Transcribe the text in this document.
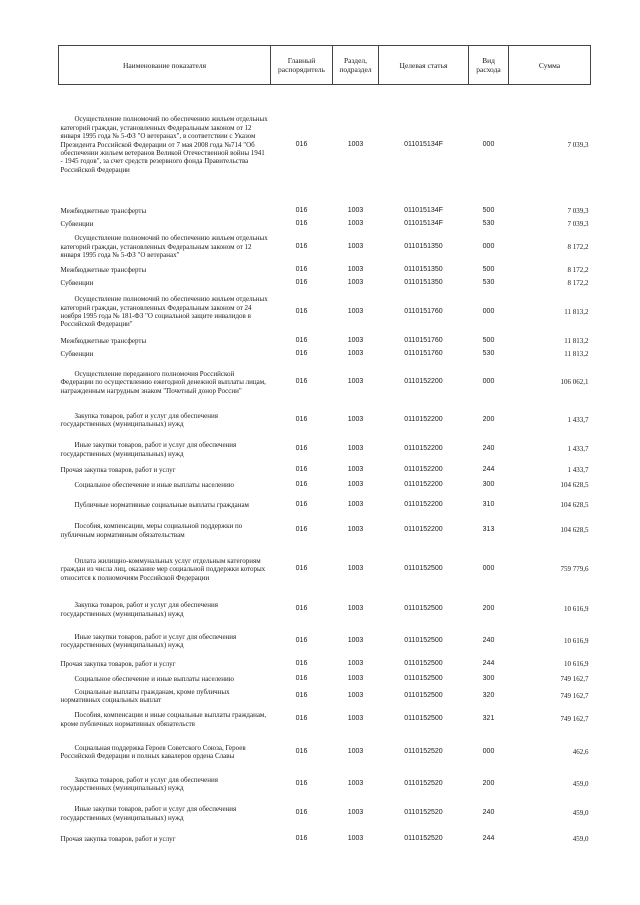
Наименование показателя	Главный распорядитель	Раздел, подраздел	Целевая статья	Вид расхода	Сумма
Осуществление полномочий по обеспечению жильем отдельных категорий граждан, установленных Федеральным законом от 12 января 1995 года № 5-ФЗ "О ветеранах", в соответствии с Указом Президента Российской Федерации от 7 мая 2008 года №714 "Об обеспечении жильем ветеранов Великой Отечественной войны 1941 - 1945 годов", за счет средств резервного фонда Правительства Российской Федерации	016	1003	011015134F	000	7 039,3
Межбюджетные трансферты	016	1003	011015134F	500	7 039,3
Субвенции	016	1003	011015134F	530	7 039,3
Осуществление полномочий по обеспечению жильем отдельных категорий граждан, установленных Федеральным законом от 12 января 1995 года № 5-ФЗ "О ветеранах"	016	1003	0110151350	000	8 172,2
Межбюджетные трансферты	016	1003	0110151350	500	8 172,2
Субвенции	016	1003	0110151350	530	8 172,2
Осуществление полномочий по обеспечению жильем отдельных категорий граждан, установленных Федеральным законом от 24 ноября 1995 года № 181-ФЗ "О социальной защите инвалидов в Российской Федерации"	016	1003	0110151760	000	11 813,2
Межбюджетные трансферты	016	1003	0110151760	500	11 813,2
Субвенции	016	1003	0110151760	530	11 813,2
Осуществление переданного полномочия Российской Федерации по осуществлению ежегодной денежной выплаты лицам, награжденным нагрудным знаком "Почетный донор России"	016	1003	0110152200	000	106 062,1
Закупка товаров, работ и услуг для обеспечения государственных (муниципальных) нужд	016	1003	0110152200	200	1 433,7
Иные закупки товаров, работ и услуг для обеспечения государственных (муниципальных) нужд	016	1003	0110152200	240	1 433,7
Прочая закупка товаров, работ и услуг	016	1003	0110152200	244	1 433,7
Социальное обеспечение и иные выплаты населению	016	1003	0110152200	300	104 628,5
Публичные нормативные социальные выплаты гражданам	016	1003	0110152200	310	104 628,5
Пособия, компенсации, меры социальной поддержки по публичным нормативным обязательствам	016	1003	0110152200	313	104 628,5
Оплата жилищно-коммунальных услуг отдельным категориям граждан из числа лиц, оказание мер социальной поддержки которых относится к полномочиям Российской Федерации	016	1003	0110152500	000	759 779,6
Закупка товаров, работ и услуг для обеспечения государственных (муниципальных) нужд	016	1003	0110152500	200	10 616,9
Иные закупки товаров, работ и услуг для обеспечения государственных (муниципальных) нужд	016	1003	0110152500	240	10 616,9
Прочая закупка товаров, работ и услуг	016	1003	0110152500	244	10 616,9
Социальное обеспечение и иные выплаты населению	016	1003	0110152500	300	749 162,7
Социальные выплаты гражданам, кроме публичных нормативных социальных выплат	016	1003	0110152500	320	749 162,7
Пособия, компенсации и иные социальные выплаты гражданам, кроме публичных нормативных обязательств	016	1003	0110152500	321	749 162,7
Социальная поддержка Героев Советского Союза, Героев Российской Федерации и полных кавалеров ордена Славы	016	1003	0110152520	000	462,6
Закупка товаров, работ и услуг для обеспечения государственных (муниципальных) нужд	016	1003	0110152520	200	459,0
Иные закупки товаров, работ и услуг для обеспечения государственных (муниципальных) нужд	016	1003	0110152520	240	459,0
Прочая закупка товаров, работ и услуг	016	1003	0110152520	244	459,0
